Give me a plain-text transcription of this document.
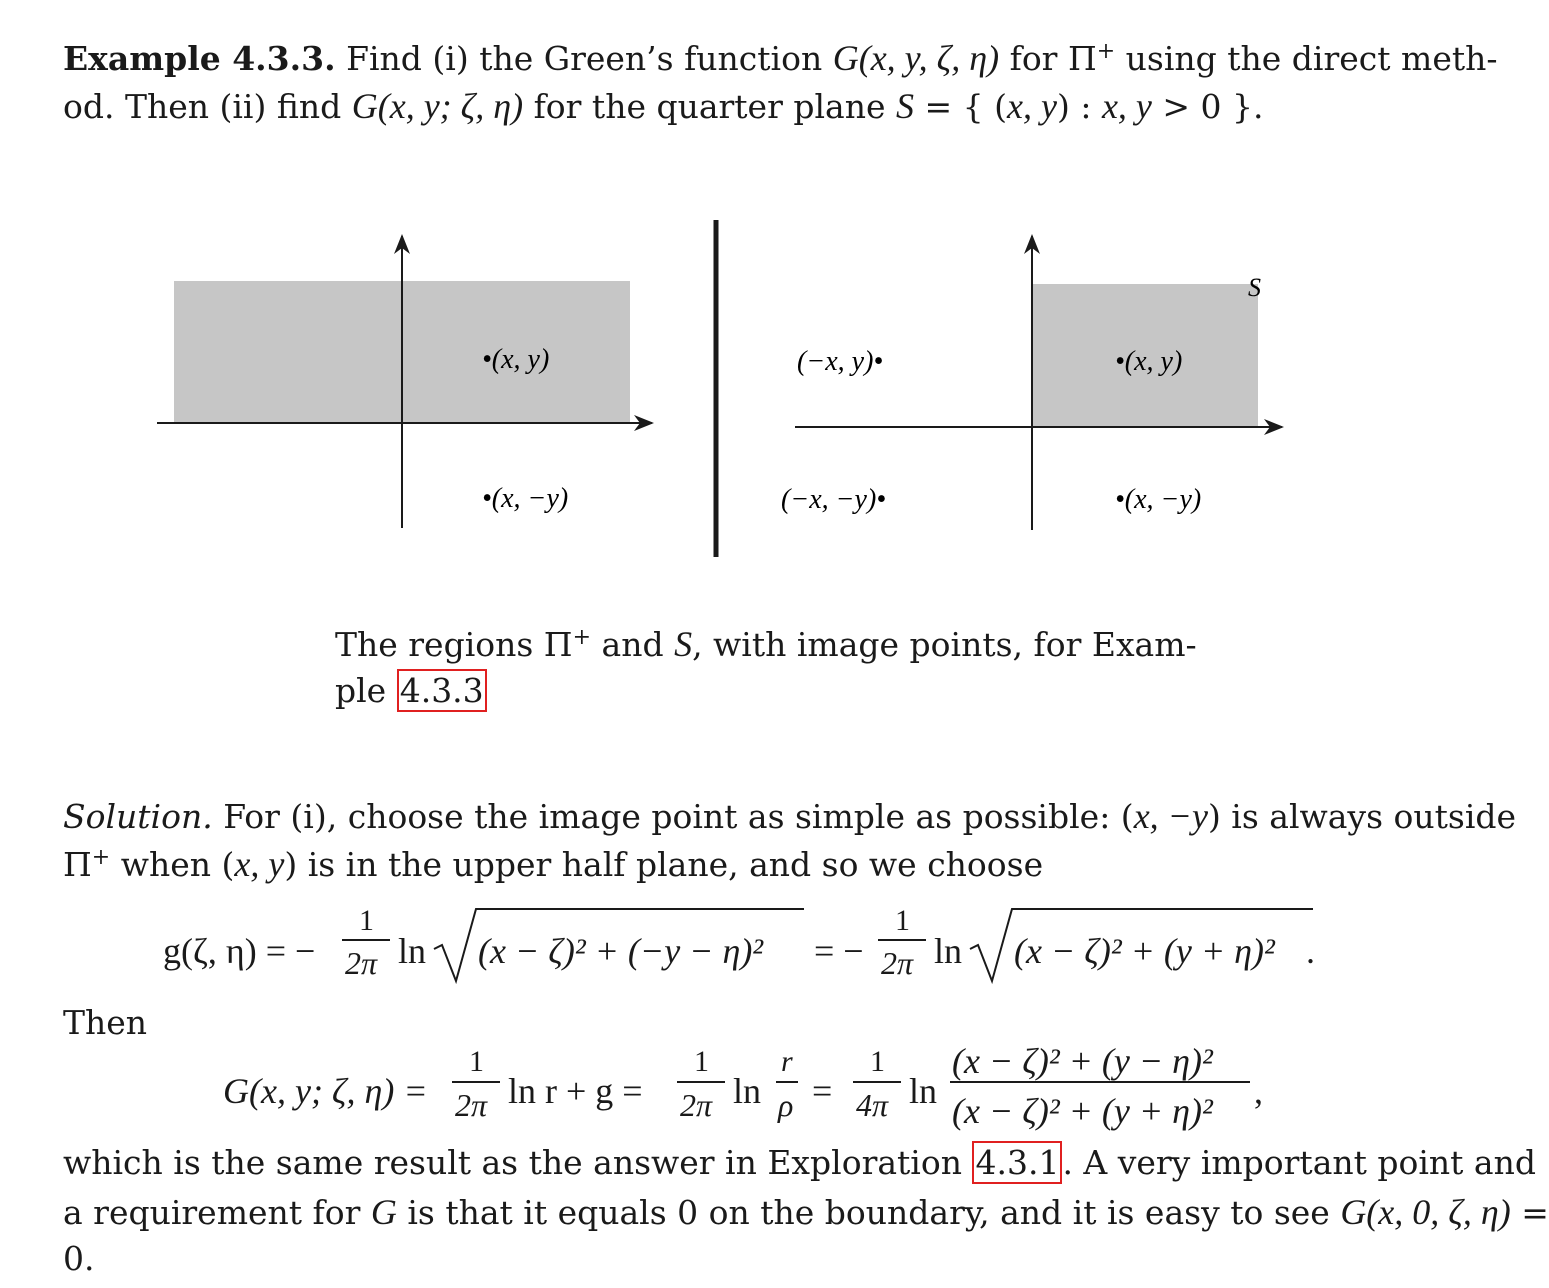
Example 4.3.3. Find (i) the Green’s function G(x, y, ζ, η) for Π+ using the direct meth-
od. Then (ii) find G(x, y; ζ, η) for the quarter plane S = { (x, y) : x, y > 0 }.
•(x, y)
•(x, −y)
S
(−x, y)•	•(x, y)
(−x, −y)•	•(x, −y)
The regions Π+ and S, with image points, for Exam-
ple 4.3.3
Solution. For (i), choose the image point as simple as possible: (x, −y) is always outside
Π+ when (x, y) is in the upper half plane, and so we choose
g(ζ, η) = −
1
2π ln (x − ζ)² + (−y − η)² = −
1
2π ln (x − ζ)² + (y + η)² .
Then
G(x, y; ζ, η) =
1
2π ln r + g =
1
2π ln
r
ρ =
1
4π ln
(x − ζ)² + (y − η)²
(x − ζ)² + (y + η)² ,
which is the same result as the answer in Exploration 4.3.1. A very important point and
a requirement for G is that it equals 0 on the boundary, and it is easy to see G(x, 0, ζ, η) =
0.
